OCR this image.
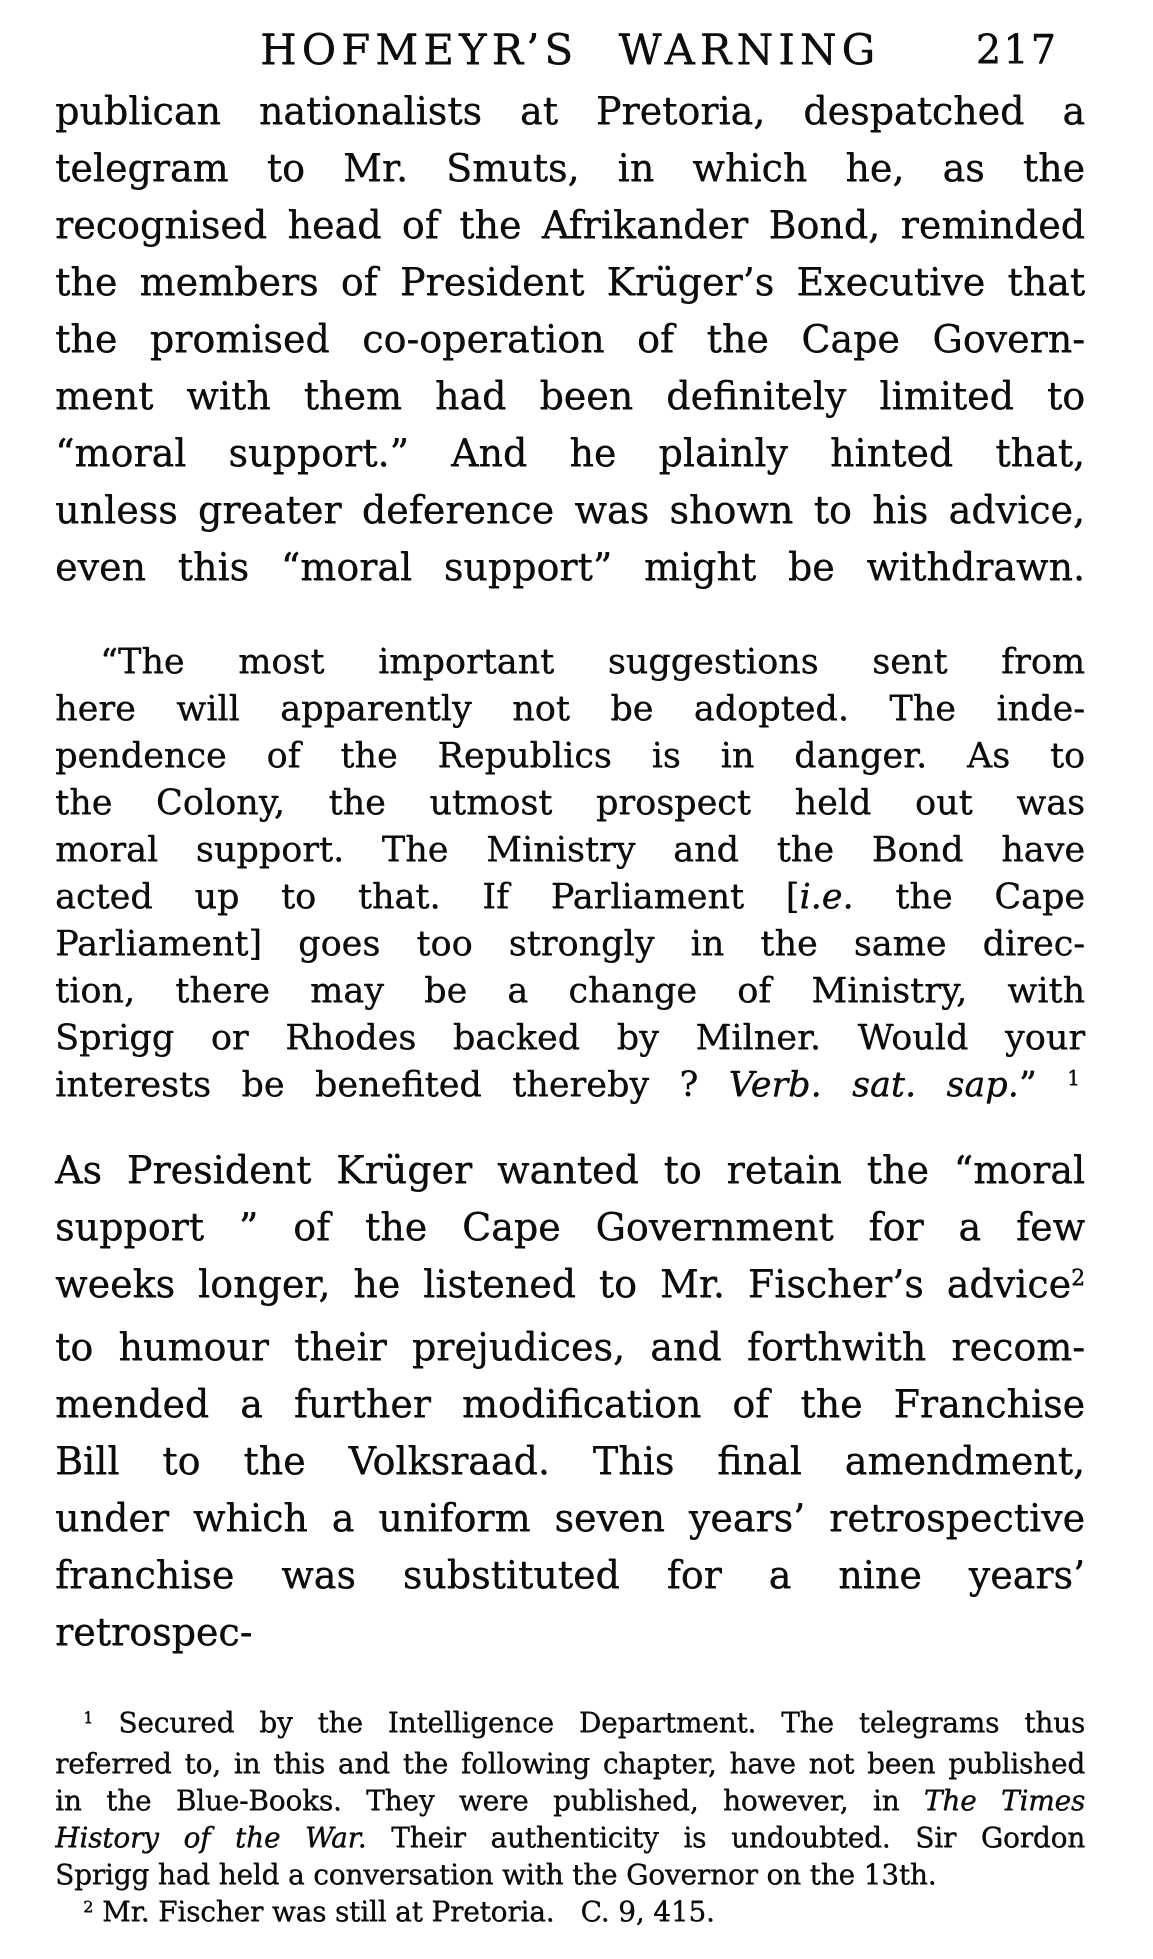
HOFMEYR’S WARNING 217
publican nationalists at Pretoria, despatched a
telegram to Mr. Smuts, in which he, as the
recognised head of the Afrikander Bond, reminded
the members of President Krüger’s Executive that
the promised co-operation of the Cape Govern-
ment with them had been definitely limited to
“moral support.” And he plainly hinted that,
unless greater deference was shown to his advice,
even this “moral support” might be withdrawn.
“The most important suggestions sent from
here will apparently not be adopted. The inde-
pendence of the Republics is in danger. As to
the Colony, the utmost prospect held out was
moral support. The Ministry and the Bond have
acted up to that. If Parliament [i.e. the Cape
Parliament] goes too strongly in the same direc-
tion, there may be a change of Ministry, with
Sprigg or Rhodes backed by Milner. Would your
interests be benefited thereby ? Verb. sat. sap.” $^1$
As President Krüger wanted to retain the “moral
support ” of the Cape Government for a few
weeks longer, he listened to Mr. Fischer’s advice$^2$
to humour their prejudices, and forthwith recom-
mended a further modification of the Franchise
Bill to the Volksraad. This final amendment,
under which a uniform seven years’ retrospective
franchise was substituted for a nine years’ retrospec-
$^1$ Secured by the Intelligence Department. The telegrams thus
referred to, in this and the following chapter, have not been published
in the Blue-Books. They were published, however, in The Times
History of the War. Their authenticity is undoubted. Sir Gordon
Sprigg had held a conversation with the Governor on the 13th.
$^2$ Mr. Fischer was still at Pretoria.   C. 9, 415.
